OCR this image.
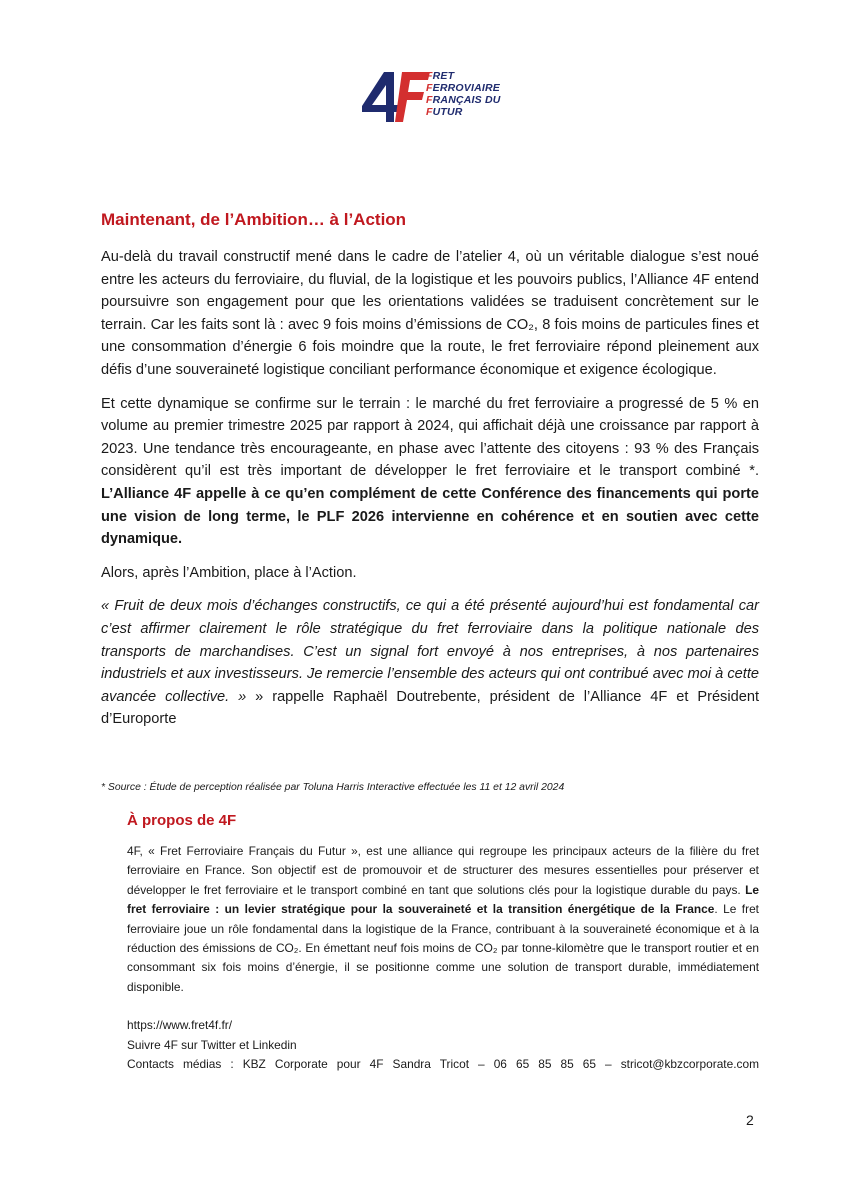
FRET
FERROVIAIRE
FRANÇAIS DU
FUTUR
Maintenant, de l’Ambition… à l’Action

Au-delà du travail constructif mené dans le cadre de l’atelier 4, où un véritable dialogue s’est noué entre les acteurs du ferroviaire, du fluvial, de la logistique et les pouvoirs publics, l’Alliance 4F entend poursuivre son engagement pour que les orientations validées se traduisent concrètement sur le terrain. Car les faits sont là : avec 9 fois moins d’émissions de CO₂, 8 fois moins de particules fines et une consommation d’énergie 6 fois moindre que la route, le fret ferroviaire répond pleinement aux défis d’une souveraineté logistique conciliant performance économique et exigence écologique.

Et cette dynamique se confirme sur le terrain : le marché du fret ferroviaire a progressé de 5 % en volume au premier trimestre 2025 par rapport à 2024, qui affichait déjà une croissance par rapport à 2023. Une tendance très encourageante, en phase avec l’attente des citoyens : 93 % des Français considèrent qu’il est très important de développer le fret ferroviaire et le transport combiné *. L’Alliance 4F appelle à ce qu’en complément de cette Conférence des financements qui porte une vision de long terme, le PLF 2026 intervienne en cohérence et en soutien avec cette dynamique.

Alors, après l’Ambition, place à l’Action.

« Fruit de deux mois d’échanges constructifs, ce qui a été présenté aujourd’hui est fondamental car c’est affirmer clairement le rôle stratégique du fret ferroviaire dans la politique nationale des transports de marchandises. C’est un signal fort envoyé à nos entreprises, à nos partenaires industriels et aux investisseurs. Je remercie l’ensemble des acteurs qui ont contribué avec moi à cette avancée collective. » » rappelle Raphaël Doutrebente, président de l’Alliance 4F et Président d’Europorte

* Source : Étude de perception réalisée par Toluna Harris Interactive effectuée les 11 et 12 avril 2024
À propos de 4F

4F, « Fret Ferroviaire Français du Futur », est une alliance qui regroupe les principaux acteurs de la filière du fret ferroviaire en France. Son objectif est de promouvoir et de structurer des mesures essentielles pour préserver et développer le fret ferroviaire et le transport combiné en tant que solutions clés pour la logistique durable du pays. Le fret ferroviaire : un levier stratégique pour la souveraineté et la transition énergétique de la France. Le fret ferroviaire joue un rôle fondamental dans la logistique de la France, contribuant à la souveraineté économique et à la réduction des émissions de CO₂. En émettant neuf fois moins de CO₂ par tonne-kilomètre que le transport routier et en consommant six fois moins d’énergie, il se positionne comme une solution de transport durable, immédiatement disponible.

https://www.fret4f.fr/
Suivre 4F sur Twitter et Linkedin
Contacts médias : KBZ Corporate pour 4F Sandra Tricot – 06 65 85 85 65 – stricot@kbzcorporate.com
2
